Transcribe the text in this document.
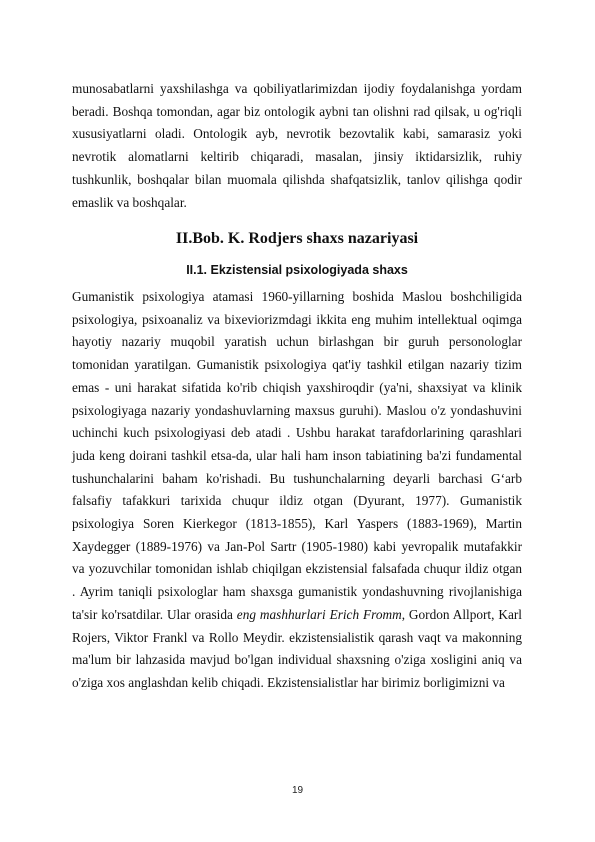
munosabatlarni yaxshilashga va qobiliyatlarimizdan ijodiy foydalanishga yordam beradi. Boshqa tomondan, agar biz ontologik aybni tan olishni rad qilsak, u og'riqli xususiyatlarni oladi. Ontologik ayb, nevrotik bezovtalik kabi, samarasiz yoki nevrotik alomatlarni keltirib chiqaradi, masalan, jinsiy iktidarsizlik, ruhiy tushkunlik, boshqalar bilan muomala qilishda shafqatsizlik, tanlov qilishga qodir emaslik va boshqalar.

II.Bob. K. Rodjers shaxs nazariyasi
II.1. Ekzistensial psixologiyada shaxs

Gumanistik psixologiya atamasi 1960-yillarning boshida Maslou boshchiligida psixologiya, psixoanaliz va bixeviorizmdagi ikkita eng muhim intellektual oqimga hayotiy nazariy muqobil yaratish uchun birlashgan bir guruh personologlar tomonidan yaratilgan. Gumanistik psixologiya qat'iy tashkil etilgan nazariy tizim emas - uni harakat sifatida ko'rib chiqish yaxshiroqdir (ya'ni, shaxsiyat va klinik psixologiyaga nazariy yondashuvlarning maxsus guruhi). Maslou o'z yondashuvini uchinchi kuch psixologiyasi deb atadi . Ushbu harakat tarafdorlarining qarashlari juda keng doirani tashkil etsa-da, ular hali ham inson tabiatining ba'zi fundamental tushunchalarini baham ko'rishadi. Bu tushunchalarning deyarli barchasi G‘arb falsafiy tafakkuri tarixida chuqur ildiz otgan (Dyurant, 1977). Gumanistik psixologiya Soren Kierkegor (1813-1855), Karl Yaspers (1883-1969), Martin Xaydegger (1889-1976) va Jan-Pol Sartr (1905-1980) kabi yevropalik mutafakkir va yozuvchilar tomonidan ishlab chiqilgan ekzistensial falsafada chuqur ildiz otgan . Ayrim taniqli psixologlar ham shaxsga gumanistik yondashuvning rivojlanishiga ta'sir ko'rsatdilar. Ular orasida eng mashhurlari Erich Fromm, Gordon Allport, Karl Rojers, Viktor Frankl va Rollo Meydir. ekzistensialistik qarash vaqt va makonning ma'lum bir lahzasida mavjud bo'lgan individual shaxsning o'ziga xosligini aniq va o'ziga xos anglashdan kelib chiqadi. Ekzistensialistlar har birimiz borligimizni va

19
